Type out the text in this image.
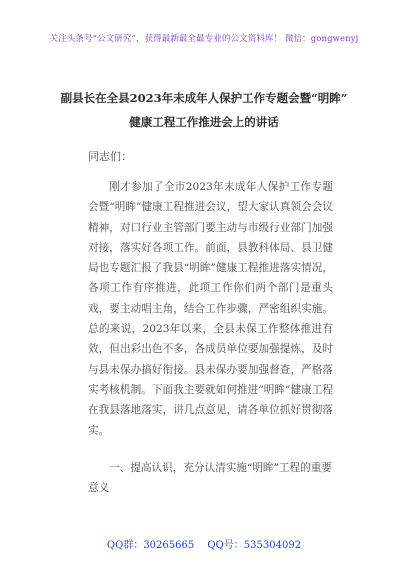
关注头条号“公文研究”，获得最新最全最专业的公文资料库！ 微信：gongwenyj
副县长在全县2023年未成年人保护工作专题会暨“明眸”
健康工程工作推进会上的讲话
同志们：

刚才参加了全市2023年未成年人保护工作专题会暨“明眸”健康工程推进会议，望大家认真领会会议精神，对口行业主管部门要主动与市级行业部门加强对接，落实好各项工作。前面，县教科体局、县卫健局也专题汇报了我县“明眸”健康工程推进落实情况，各项工作有序推进，此项工作你们两个部门是重头戏，要主动唱主角，结合工作步骤，严密组织实施。总的来说，2023年以来，全县未保工作整体推进有效，但出彩出色不多，各成员单位要加强提炼，及时与县未保办搞好衔接。县未保办要加强督查，严格落实考核机制。下面我主要就如何推进“明眸”健康工程在我县落地落实，讲几点意见，请各单位抓好贯彻落实。

一、提高认识，充分认清实施“明眸”工程的重要意义

QQ群：30265665 QQ号：535304092
